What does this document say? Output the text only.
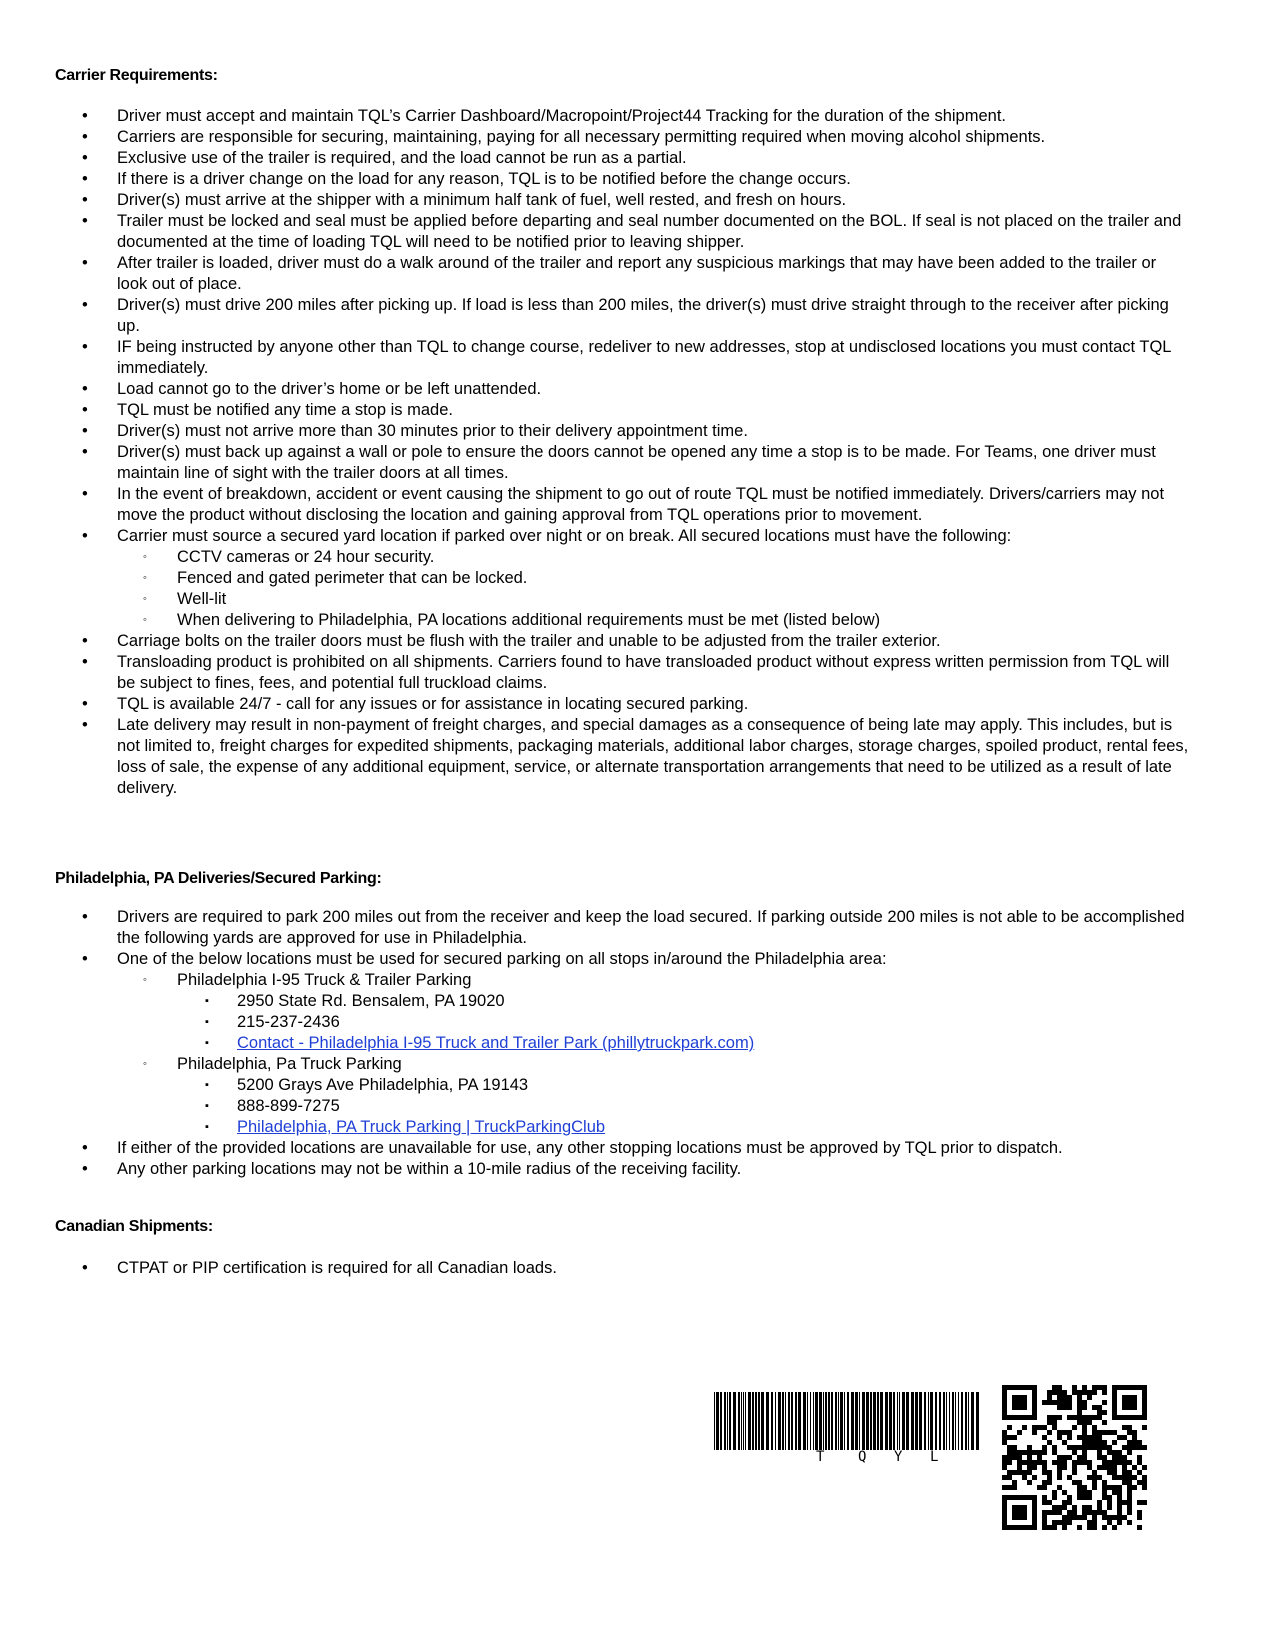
Carrier Requirements:
• Driver must accept and maintain TQL’s Carrier Dashboard/Macropoint/Project44 Tracking for the duration of the shipment.
• Carriers are responsible for securing, maintaining, paying for all necessary permitting required when moving alcohol shipments.
• Exclusive use of the trailer is required, and the load cannot be run as a partial.
• If there is a driver change on the load for any reason, TQL is to be notified before the change occurs.
• Driver(s) must arrive at the shipper with a minimum half tank of fuel, well rested, and fresh on hours.
• Trailer must be locked and seal must be applied before departing and seal number documented on the BOL. If seal is not placed on the trailer and documented at the time of loading TQL will need to be notified prior to leaving shipper.
• After trailer is loaded, driver must do a walk around of the trailer and report any suspicious markings that may have been added to the trailer or look out of place.
• Driver(s) must drive 200 miles after picking up. If load is less than 200 miles, the driver(s) must drive straight through to the receiver after picking up.
• IF being instructed by anyone other than TQL to change course, redeliver to new addresses, stop at undisclosed locations you must contact TQL immediately.
• Load cannot go to the driver’s home or be left unattended.
• TQL must be notified any time a stop is made.
• Driver(s) must not arrive more than 30 minutes prior to their delivery appointment time.
• Driver(s) must back up against a wall or pole to ensure the doors cannot be opened any time a stop is to be made. For Teams, one driver must maintain line of sight with the trailer doors at all times.
• In the event of breakdown, accident or event causing the shipment to go out of route TQL must be notified immediately. Drivers/carriers may not move the product without disclosing the location and gaining approval from TQL operations prior to movement.
• Carrier must source a secured yard location if parked over night or on break. All secured locations must have the following:
◦ CCTV cameras or 24 hour security.
◦ Fenced and gated perimeter that can be locked.
◦ Well-lit
◦ When delivering to Philadelphia, PA locations additional requirements must be met (listed below)
• Carriage bolts on the trailer doors must be flush with the trailer and unable to be adjusted from the trailer exterior.
• Transloading product is prohibited on all shipments. Carriers found to have transloaded product without express written permission from TQL will be subject to fines, fees, and potential full truckload claims.
• TQL is available 24/7 - call for any issues or for assistance in locating secured parking.
• Late delivery may result in non-payment of freight charges, and special damages as a consequence of being late may apply. This includes, but is not limited to, freight charges for expedited shipments, packaging materials, additional labor charges, storage charges, spoiled product, rental fees, loss of sale, the expense of any additional equipment, service, or alternate transportation arrangements that need to be utilized as a result of late delivery.
Philadelphia, PA Deliveries/Secured Parking:
• Drivers are required to park 200 miles out from the receiver and keep the load secured. If parking outside 200 miles is not able to be accomplished the following yards are approved for use in Philadelphia.
• One of the below locations must be used for secured parking on all stops in/around the Philadelphia area:
◦ Philadelphia I-95 Truck & Trailer Parking
▪ 2950 State Rd. Bensalem, PA 19020
▪ 215-237-2436
▪ Contact - Philadelphia I-95 Truck and Trailer Park (phillytruckpark.com)
◦ Philadelphia, Pa Truck Parking
▪ 5200 Grays Ave Philadelphia, PA 19143
▪ 888-899-7275
▪ Philadelphia, PA Truck Parking | TruckParkingClub
• If either of the provided locations are unavailable for use, any other stopping locations must be approved by TQL prior to dispatch.
• Any other parking locations may not be within a 10-mile radius of the receiving facility.
Canadian Shipments:
• CTPAT or PIP certification is required for all Canadian loads.
T Q Y L
